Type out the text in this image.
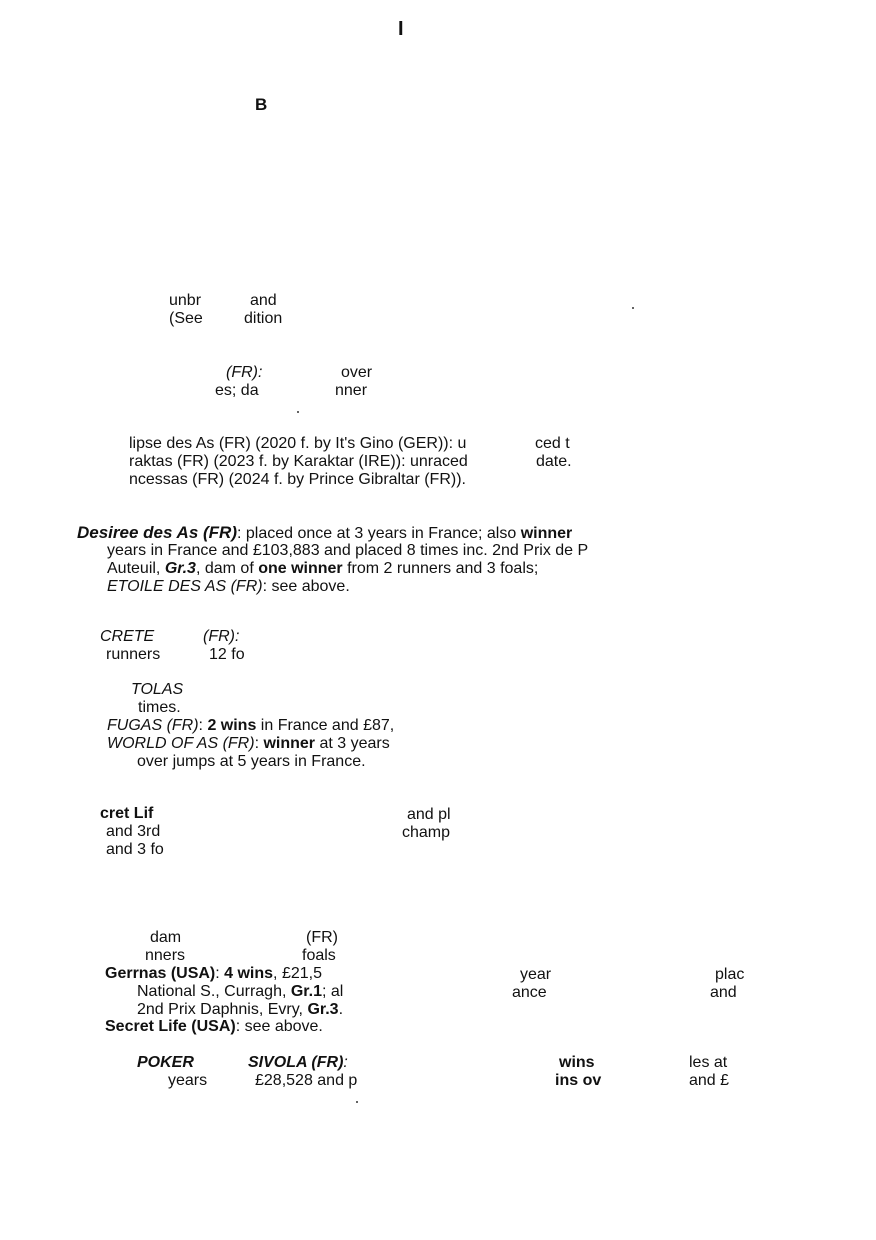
I
B
unbr	and
(See	dition
(FR):	over
es; da	nner
lipse des As (FR) (2020 f. by It's Gino (GER)): u	ced t
raktas (FR) (2023 f. by Karaktar (IRE)): unraced	date.
ncessas (FR) (2024 f. by Prince Gibraltar (FR)).
Desiree des As (FR): placed once at 3 years in France; also winner
years in France and £103,883 and placed 8 times inc. 2nd Prix de P
Auteuil, Gr.3, dam of one winner from 2 runners and 3 foals;
ETOILE DES AS (FR): see above.
CRETE	(FR):
runners	12 fo
TOLAS
times.
FUGAS (FR): 2 wins in France and £87,
WORLD OF AS (FR): winner at 3 years
over jumps at 5 years in France.
cret Lif	and pl
and 3rd	champ
and 3 fo
dam	(FR)
nners	foals
Gerrnas (USA): 4 wins, £21,5	year	plac
National S., Curragh, Gr.1; al	ance	and
2nd Prix Daphnis, Evry, Gr.3.
Secret Life (USA): see above.
POKER	SIVOLA (FR):	wins	les at
years	£28,528 and p	ins ov	and £
